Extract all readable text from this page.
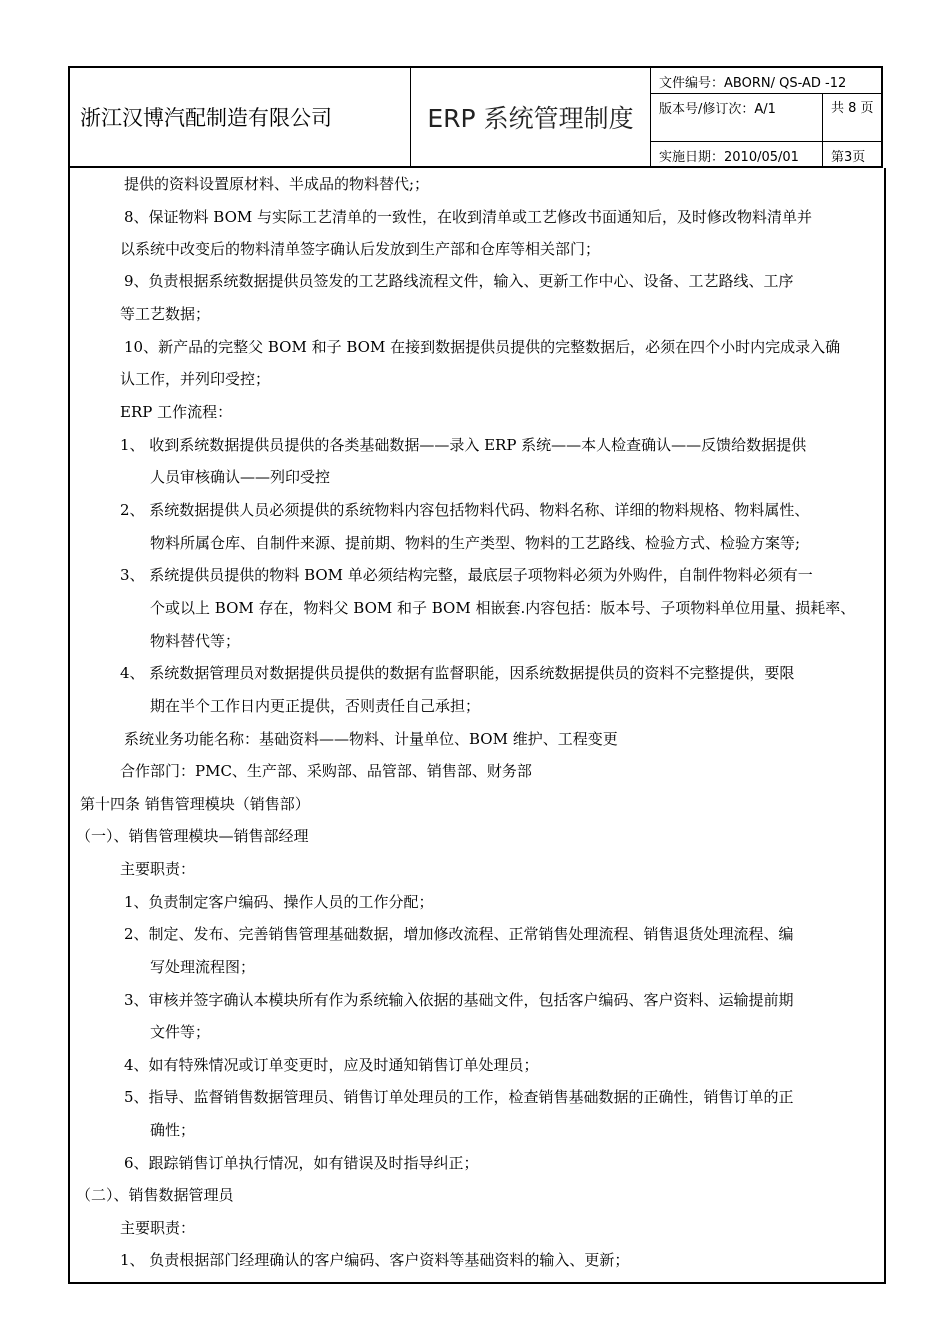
浙江汉博汽配制造有限公司	ERP 系统管理制度
文件编号：ABORN/ QS-AD -12
版本号/修订次：A/1	共 8 页
实施日期：2010/05/01	第3页
提供的资料设置原材料、半成品的物料替代;；
8、保证物料 BOM 与实际工艺清单的一致性，在收到清单或工艺修改书面通知后，及时修改物料清单并
以系统中改变后的物料清单签字确认后发放到生产部和仓库等相关部门；
9、负责根据系统数据提供员签发的工艺路线流程文件，输入、更新工作中心、设备、工艺路线、工序
等工艺数据；
10、新产品的完整父 BOM 和子 BOM 在接到数据提供员提供的完整数据后，必须在四个小时内完成录入确
认工作，并列印受控；
ERP 工作流程：
1、 收到系统数据提供员提供的各类基础数据——录入 ERP 系统——本人检查确认——反馈给数据提供
人员审核确认——列印受控
2、 系统数据提供人员必须提供的系统物料内容包括物料代码、物料名称、详细的物料规格、物料属性、
物料所属仓库、自制件来源、提前期、物料的生产类型、物料的工艺路线、检验方式、检验方案等;
3、 系统提供员提供的物料 BOM 单必须结构完整，最底层子项物料必须为外购件，自制件物料必须有一
个或以上 BOM 存在，物料父 BOM 和子 BOM 相嵌套.内容包括：版本号、子项物料单位用量、损耗率、
物料替代等；
4、 系统数据管理员对数据提供员提供的数据有监督职能，因系统数据提供员的资料不完整提供，要限
期在半个工作日内更正提供，否则责任自己承担；
系统业务功能名称：基础资料——物料、计量单位、BOM 维护、工程变更
合作部门：PMC、生产部、采购部、品管部、销售部、财务部
第十四条 销售管理模块（销售部）
（一）、销售管理模块—销售部经理
主要职责：
1、负责制定客户编码、操作人员的工作分配；
2、制定、发布、完善销售管理基础数据，增加修改流程、正常销售处理流程、销售退货处理流程、编
写处理流程图；
3、审核并签字确认本模块所有作为系统输入依据的基础文件，包括客户编码、客户资料、运输提前期
文件等；
4、如有特殊情况或订单变更时，应及时通知销售订单处理员；
5、指导、监督销售数据管理员、销售订单处理员的工作，检查销售基础数据的正确性，销售订单的正
确性；
6、跟踪销售订单执行情况，如有错误及时指导纠正；
（二）、销售数据管理员
主要职责：
1、 负责根据部门经理确认的客户编码、客户资料等基础资料的输入、更新；
